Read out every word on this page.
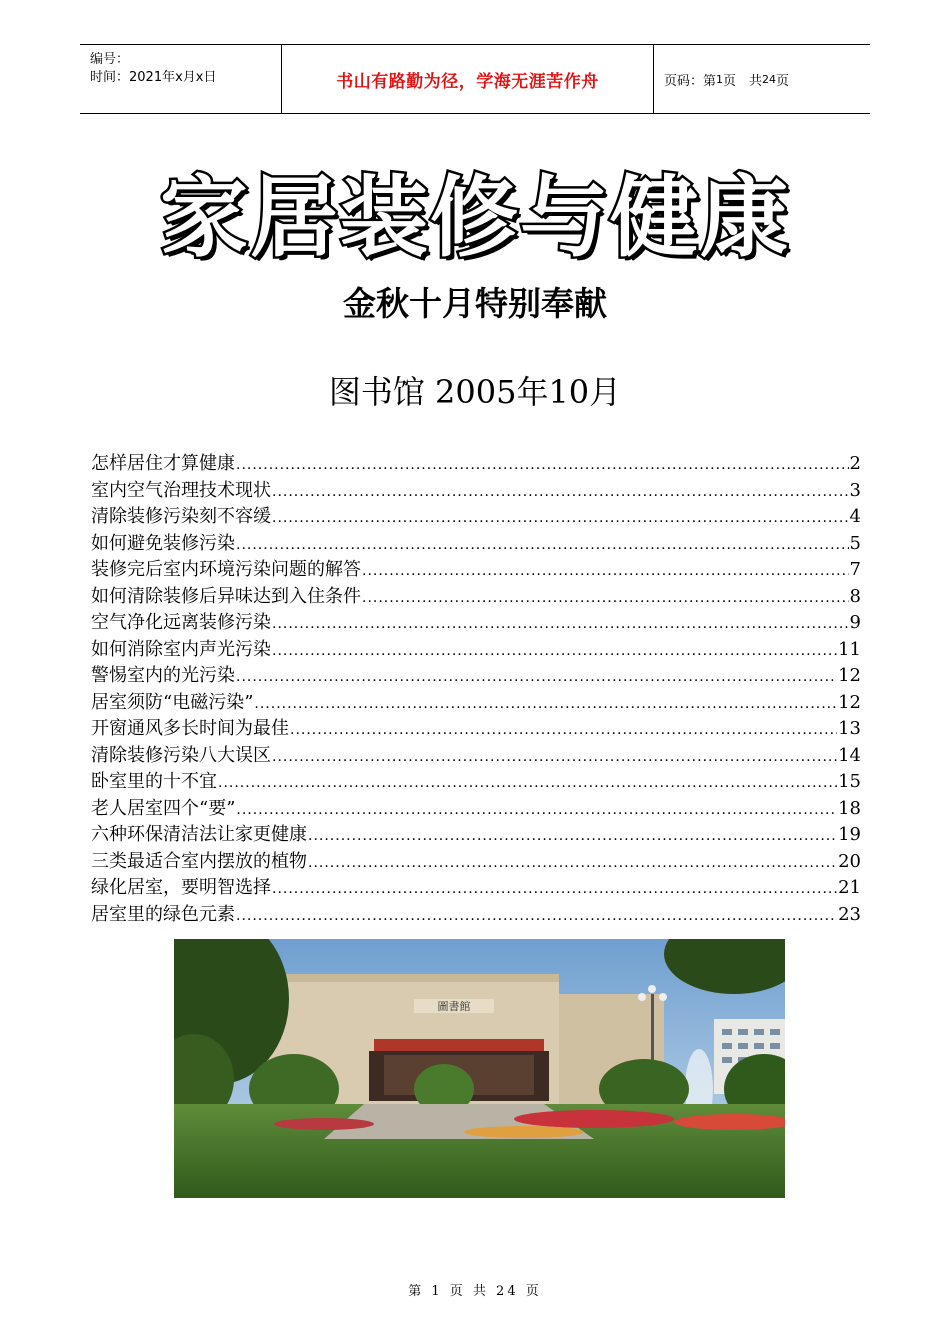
编号：
时间：2021年x月x日	书山有路勤为径，学海无涯苦作舟	页码：第 1 页　共 24 页
家居装修与健康
金秋十月特别奉献
图书馆 2005年10月
怎样居住才算健康 .....	2
室内空气治理技术现状 .....	3
清除装修污染刻不容缓 .....	4
如何避免装修污染 .....	5
装修完后室内环境污染问题的解答 .....	7
如何清除装修后异味达到入住条件 .....	8
空气净化远离装修污染 .....	9
如何消除室内声光污染 .....	11
警惕室内的光污染 .....	12
居室须防“电磁污染” .....	12
开窗通风多长时间为最佳 .....	13
清除装修污染八大误区 .....	14
卧室里的十不宜 .....	15
老人居室四个“要” .....	18
六种环保清洁法让家更健康 .....	19
三类最适合室内摆放的植物 .....	20
绿化居室，要明智选择 .....	21
居室里的绿色元素 .....	23
圖書館
第 1 页 共 24 页
